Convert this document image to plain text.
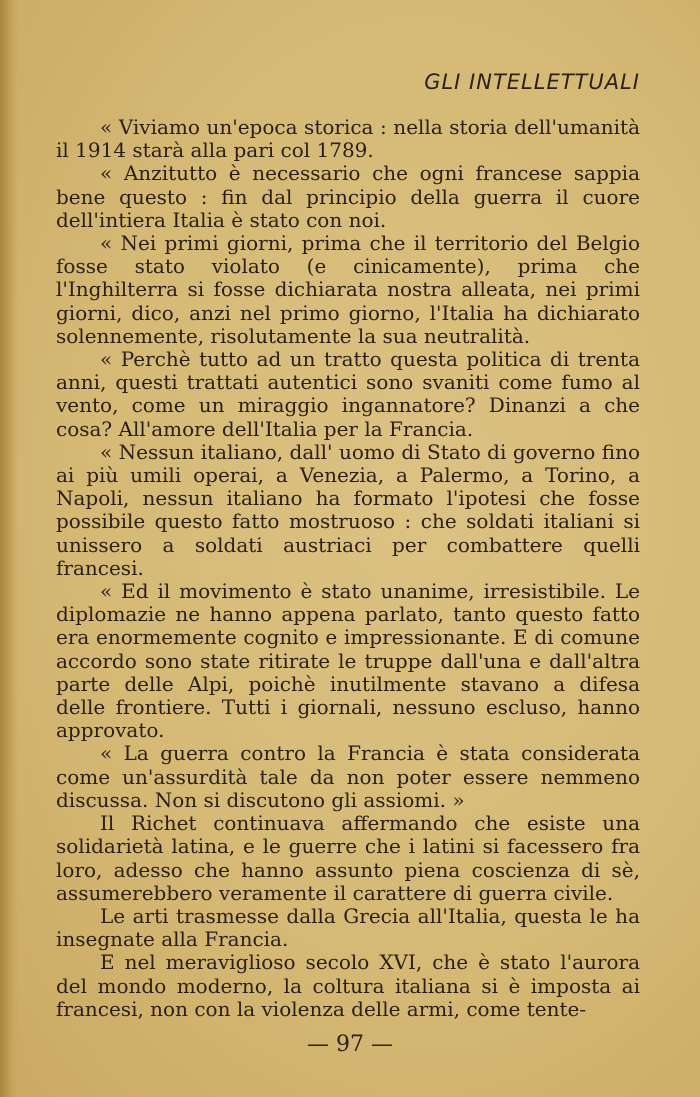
GLI INTELLETTUALI

« Viviamo un'epoca storica : nella storia dell'umanità il 1914 starà alla pari col 1789.

« Anzitutto è necessario che ogni francese sappia bene questo : fin dal principio della guerra il cuore dell'intiera Italia è stato con noi.

« Nei primi giorni, prima che il territorio del Belgio fosse stato violato (e cinicamente), prima che l'Inghilterra si fosse dichiarata nostra alleata, nei primi giorni, dico, anzi nel primo giorno, l'Italia ha dichiarato solennemente, risolutamente la sua neutralità.

« Perchè tutto ad un tratto questa politica di trenta anni, questi trattati autentici sono svaniti come fumo al vento, come un miraggio ingannatore? Dinanzi a che cosa? All'amore dell'Italia per la Francia.

« Nessun italiano, dall' uomo di Stato di governo fino ai più umili operai, a Venezia, a Palermo, a Torino, a Napoli, nessun italiano ha formato l'ipotesi che fosse possibile questo fatto mostruoso : che soldati italiani si unissero a soldati austriaci per combattere quelli francesi.

« Ed il movimento è stato unanime, irresistibile. Le diplomazie ne hanno appena parlato, tanto questo fatto era enormemente cognito e impressionante. E di comune accordo sono state ritirate le truppe dall'una e dall'altra parte delle Alpi, poichè inutilmente stavano a difesa delle frontiere. Tutti i giornali, nessuno escluso, hanno approvato.

« La guerra contro la Francia è stata considerata come un'assurdità tale da non poter essere nemmeno discussa. Non si discutono gli assiomi. »

Il Richet continuava affermando che esiste una solidarietà latina, e le guerre che i latini si facessero fra loro, adesso che hanno assunto piena coscienza di sè, assumerebbero veramente il carattere di guerra civile.

Le arti trasmesse dalla Grecia all'Italia, questa le ha insegnate alla Francia.

E nel meraviglioso secolo XVI, che è stato l'aurora del mondo moderno, la coltura italiana si è imposta ai francesi, non con la violenza delle armi, come tente-

— 97 —
